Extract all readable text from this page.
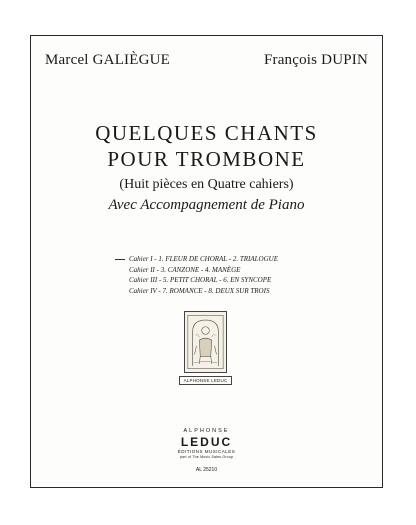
Marcel GALIÈGUE	François DUPIN
QUELQUES CHANTS
POUR TROMBONE
(Huit pièces en Quatre cahiers)
Avec Accompagnement de Piano
Cahier I - 1. FLEUR DE CHORAL - 2. TRIALOGUE
Cahier II - 3. CANZONE - 4. MANÈGE
Cahier III - 5. PETIT CHORAL - 6. EN SYNCOPE
Cahier IV - 7. ROMANCE - 8. DEUX SUR TROIS
ALPHONSE LEDUC
ALPHONSE
LEDUC
ÉDITIONS MUSICALES
part of The Music Sales Group
AL 25210
